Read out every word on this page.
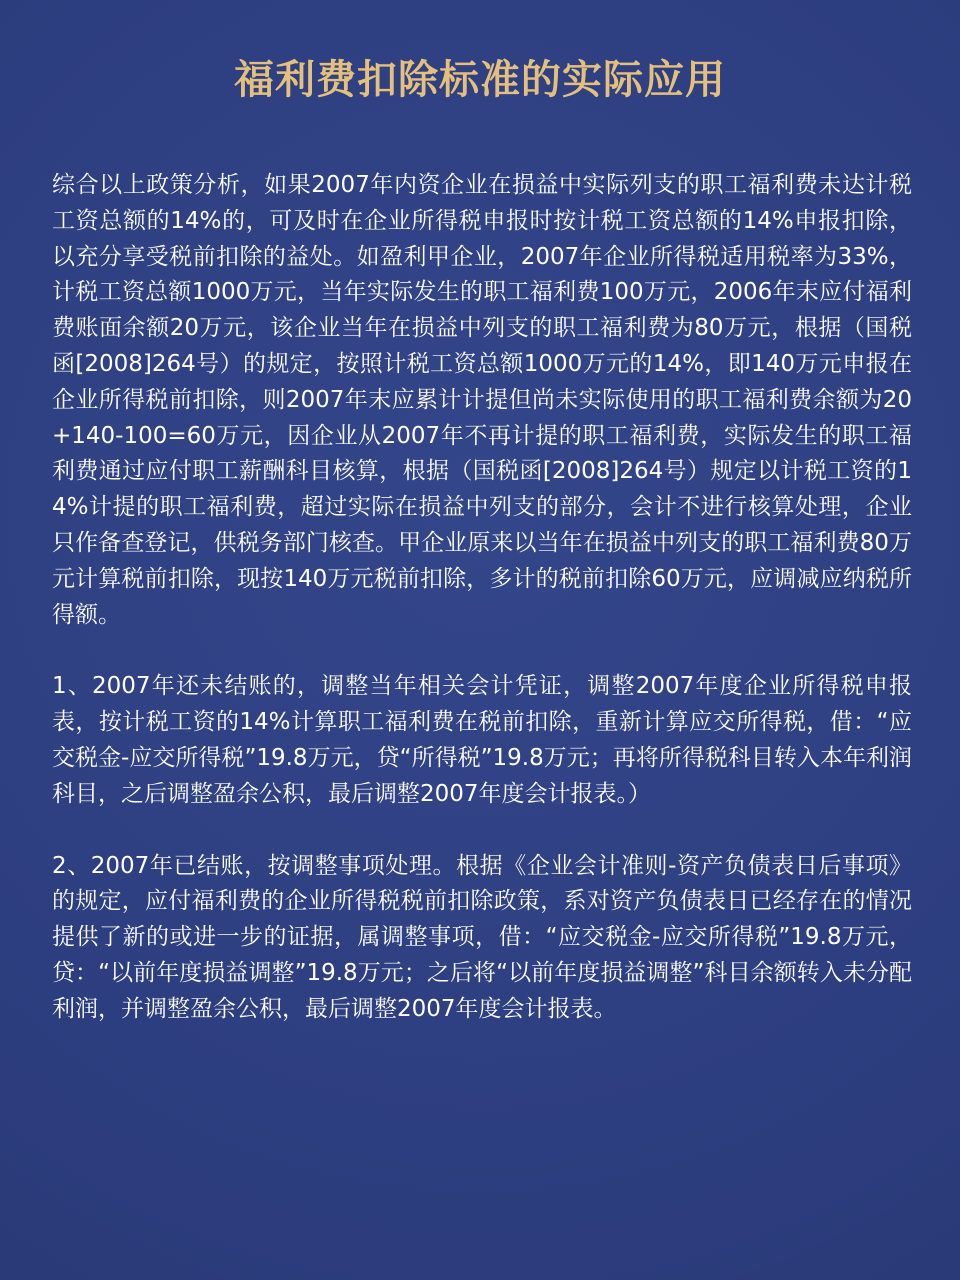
福利费扣除标准的实际应用

综合以上政策分析，如果2007年内资企业在损益中实际列支的职工福利费未达计税工资总额的14%的，可及时在企业所得税申报时按计税工资总额的14%申报扣除，以充分享受税前扣除的益处。如盈利甲企业，2007年企业所得税适用税率为33%，计税工资总额1000万元，当年实际发生的职工福利费100万元，2006年末应付福利费账面余额20万元，该企业当年在损益中列支的职工福利费为80万元，根据（国税函[2008]264号）的规定，按照计税工资总额1000万元的14%，即140万元申报在企业所得税前扣除，则2007年末应累计计提但尚未实际使用的职工福利费余额为20+140-100=60万元，因企业从2007年不再计提的职工福利费，实际发生的职工福利费通过应付职工薪酬科目核算，根据（国税函[2008]264号）规定以计税工资的14%计提的职工福利费，超过实际在损益中列支的部分，会计不进行核算处理，企业只作备查登记，供税务部门核查。甲企业原来以当年在损益中列支的职工福利费80万元计算税前扣除，现按140万元税前扣除，多计的税前扣除60万元，应调减应纳税所得额。

1、2007年还未结账的，调整当年相关会计凭证，调整2007年度企业所得税申报表，按计税工资的14%计算职工福利费在税前扣除，重新计算应交所得税，借：“应交税金-应交所得税”19.8万元，贷“所得税”19.8万元；再将所得税科目转入本年利润科目，之后调整盈余公积，最后调整2007年度会计报表。）

2、2007年已结账，按调整事项处理。根据《企业会计准则-资产负债表日后事项》的规定，应付福利费的企业所得税税前扣除政策，系对资产负债表日已经存在的情况提供了新的或进一步的证据，属调整事项，借：“应交税金-应交所得税”19.8万元，贷：“以前年度损益调整”19.8万元；之后将“以前年度损益调整”科目余额转入未分配利润，并调整盈余公积，最后调整2007年度会计报表。
